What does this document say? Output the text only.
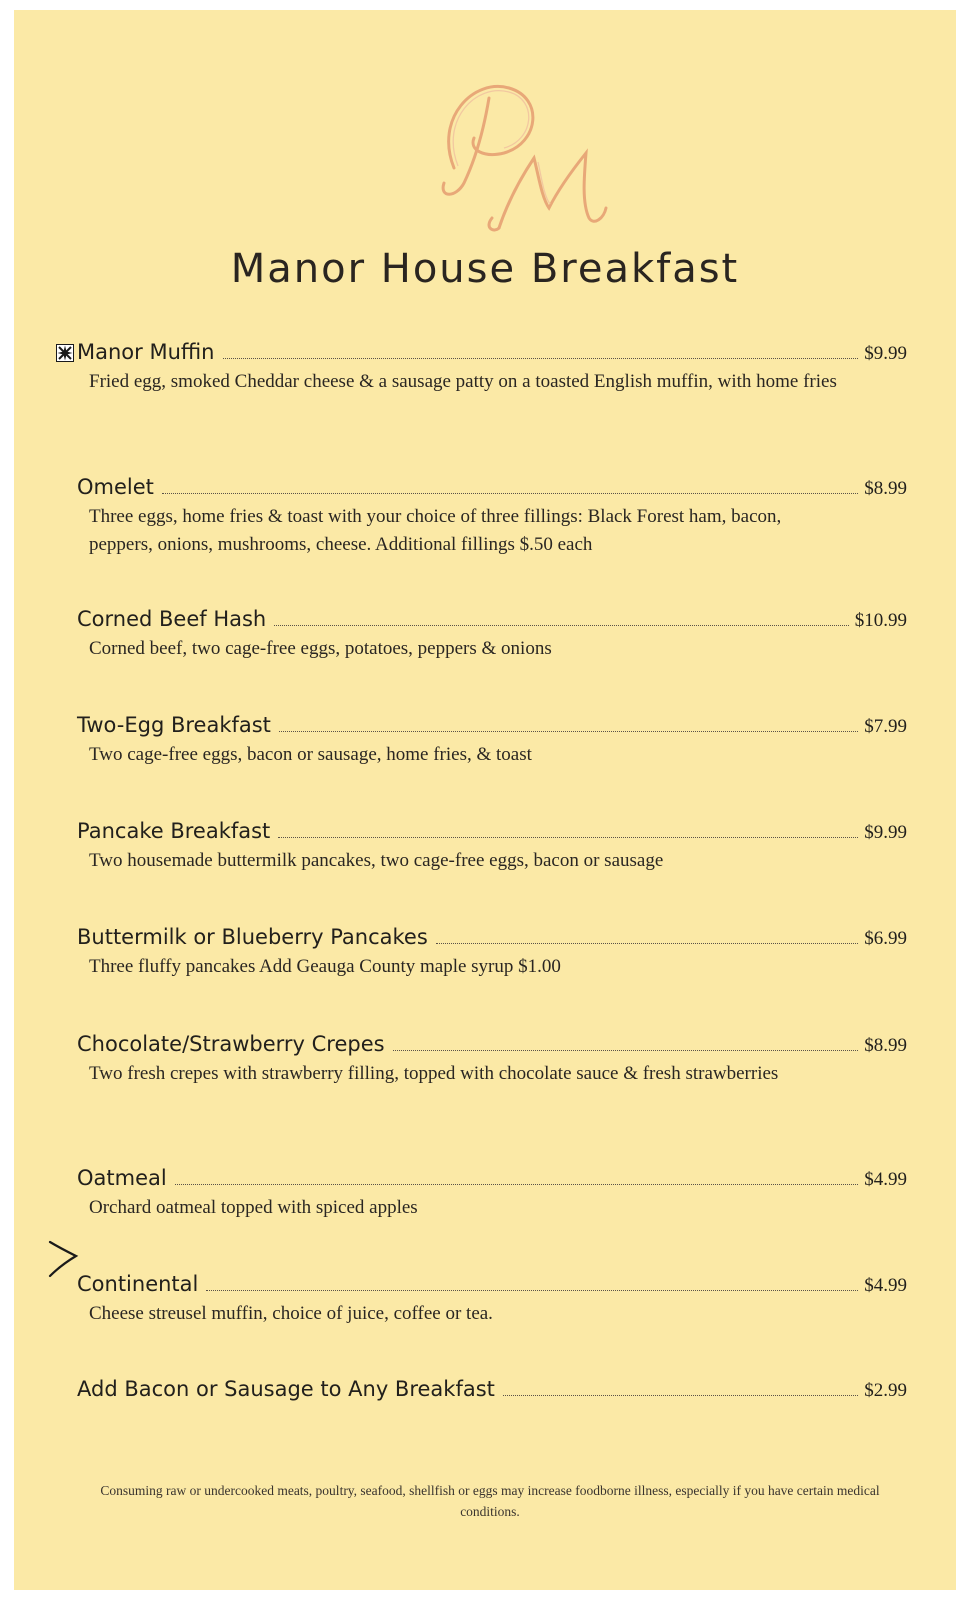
Manor House Breakfast
Manor Muffin	$9.99
Fried egg, smoked Cheddar cheese & a sausage patty on a toasted English muffin, with home fries
Omelet	$8.99
Three eggs, home fries & toast with your choice of three fillings: Black Forest ham, bacon, peppers, onions, mushrooms, cheese. Additional fillings $.50 each
Corned Beef Hash	$10.99
Corned beef, two cage-free eggs, potatoes, peppers & onions
Two-Egg Breakfast	$7.99
Two cage-free eggs, bacon or sausage, home fries, & toast
Pancake Breakfast	$9.99
Two housemade buttermilk pancakes, two cage-free eggs, bacon or sausage
Buttermilk or Blueberry Pancakes	$6.99
Three fluffy pancakes Add Geauga County maple syrup $1.00
Chocolate/Strawberry Crepes	$8.99
Two fresh crepes with strawberry filling, topped with chocolate sauce & fresh strawberries
Oatmeal	$4.99
Orchard oatmeal topped with spiced apples
Continental	$4.99
Cheese streusel muffin, choice of juice, coffee or tea.
Add Bacon or Sausage to Any Breakfast	$2.99
Consuming raw or undercooked meats, poultry, seafood, shellfish or eggs may increase foodborne illness, especially if you have certain medical conditions.
